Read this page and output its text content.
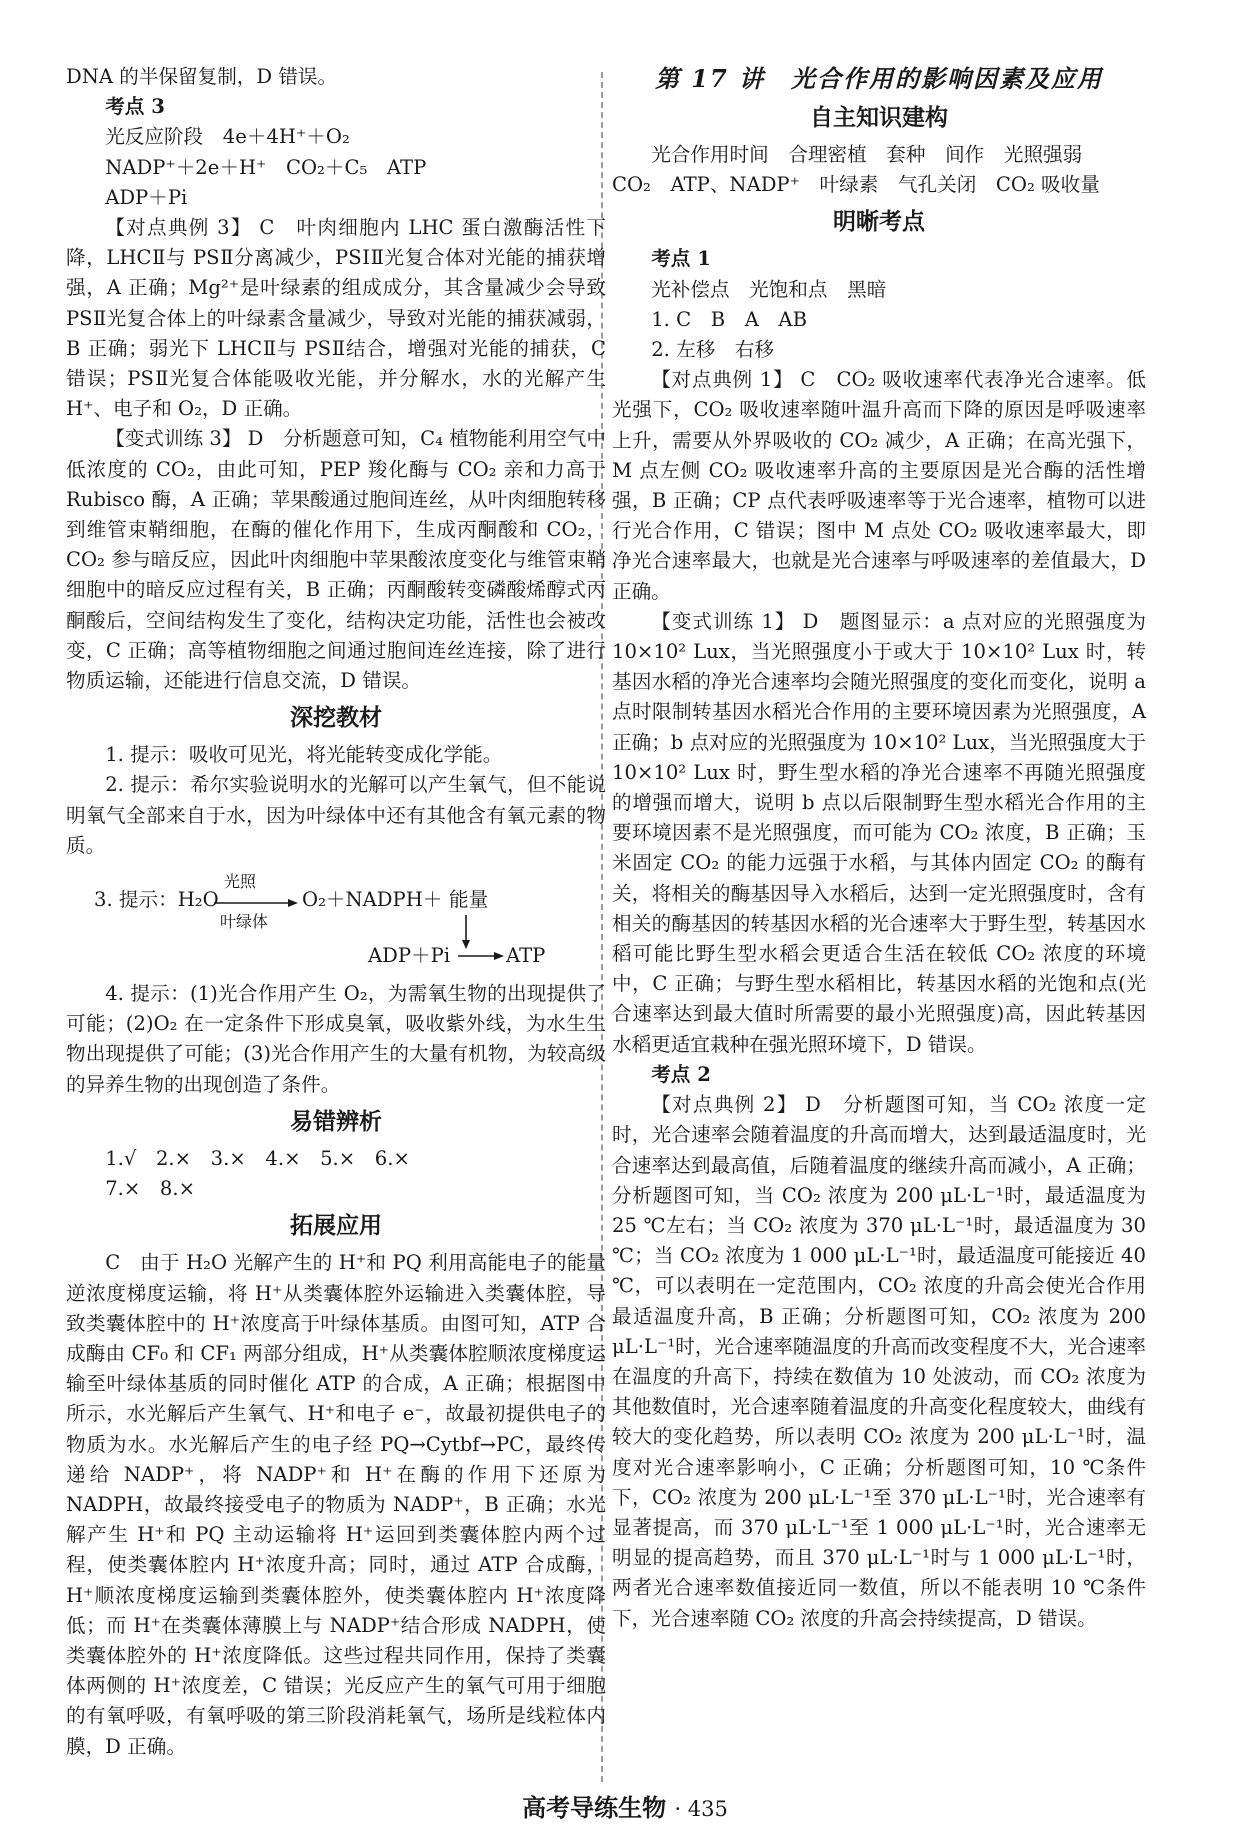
DNA 的半保留复制，D 错误。

考点 3

光反应阶段　4e＋4H⁺＋O₂

NADP⁺＋2e＋H⁺　CO₂＋C₅　ATP

ADP＋Pi

【对点典例 3】 C　叶肉细胞内 LHC 蛋白激酶活性下降，LHCⅡ与 PSⅡ分离减少，PSⅠⅡ光复合体对光能的捕获增强，A 正确；Mg²⁺是叶绿素的组成成分，其含量减少会导致 PSⅡ光复合体上的叶绿素含量减少，导致对光能的捕获减弱，B 正确；弱光下 LHCⅡ与 PSⅡ结合，增强对光能的捕获，C 错误；PSⅡ光复合体能吸收光能，并分解水，水的光解产生 H⁺、电子和 O₂，D 正确。

【变式训练 3】 D　分析题意可知，C₄ 植物能利用空气中低浓度的 CO₂，由此可知，PEP 羧化酶与 CO₂ 亲和力高于 Rubisco 酶，A 正确；苹果酸通过胞间连丝，从叶肉细胞转移到维管束鞘细胞，在酶的催化作用下，生成丙酮酸和 CO₂，CO₂ 参与暗反应，因此叶肉细胞中苹果酸浓度变化与维管束鞘细胞中的暗反应过程有关，B 正确；丙酮酸转变磷酸烯醇式丙酮酸后，空间结构发生了变化，结构决定功能，活性也会被改变，C 正确；高等植物细胞之间通过胞间连丝连接，除了进行物质运输，还能进行信息交流，D 错误。

深挖教材

1. 提示：吸收可见光，将光能转变成化学能。

2. 提示：希尔实验说明水的光解可以产生氧气，但不能说明氧气全部来自于水，因为叶绿体中还有其他含有氧元素的物质。

3. 提示：H₂O
光照
叶绿体
O₂＋NADPH＋ 能量
ADP＋Pi	ATP

4. 提示：(1)光合作用产生 O₂，为需氧生物的出现提供了可能；(2)O₂ 在一定条件下形成臭氧，吸收紫外线，为水生生物出现提供了可能；(3)光合作用产生的大量有机物，为较高级的异养生物的出现创造了条件。

易错辨析

1.√　2.×　3.×　4.×　5.×　6.×

7.×　8.×

拓展应用

C　由于 H₂O 光解产生的 H⁺和 PQ 利用高能电子的能量逆浓度梯度运输，将 H⁺从类囊体腔外运输进入类囊体腔，导致类囊体腔中的 H⁺浓度高于叶绿体基质。由图可知，ATP 合成酶由 CF₀ 和 CF₁ 两部分组成，H⁺从类囊体腔顺浓度梯度运输至叶绿体基质的同时催化 ATP 的合成，A 正确；根据图中所示，水光解后产生氧气、H⁺和电子 e⁻，故最初提供电子的物质为水。水光解后产生的电子经 PQ→Cytbf→PC，最终传递给 NADP⁺，将 NADP⁺和 H⁺在酶的作用下还原为 NADPH，故最终接受电子的物质为 NADP⁺，B 正确；水光解产生 H⁺和 PQ 主动运输将 H⁺运回到类囊体腔内两个过程，使类囊体腔内 H⁺浓度升高；同时，通过 ATP 合成酶，H⁺顺浓度梯度运输到类囊体腔外，使类囊体腔内 H⁺浓度降低；而 H⁺在类囊体薄膜上与 NADP⁺结合形成 NADPH，使类囊体腔外的 H⁺浓度降低。这些过程共同作用，保持了类囊体两侧的 H⁺浓度差，C 错误；光反应产生的氧气可用于细胞的有氧呼吸，有氧呼吸的第三阶段消耗氧气，场所是线粒体内膜，D 正确。

第 17 讲　光合作用的影响因素及应用

自主知识建构

光合作用时间　合理密植　套种　间作　光照强弱

CO₂　ATP、NADP⁺　叶绿素　气孔关闭　CO₂ 吸收量

明晰考点

考点 1

光补偿点　光饱和点　黑暗

1. C　B　A　AB

2. 左移　右移

【对点典例 1】 C　CO₂ 吸收速率代表净光合速率。低光强下，CO₂ 吸收速率随叶温升高而下降的原因是呼吸速率上升，需要从外界吸收的 CO₂ 减少，A 正确；在高光强下，M 点左侧 CO₂ 吸收速率升高的主要原因是光合酶的活性增强，B 正确；CP 点代表呼吸速率等于光合速率，植物可以进行光合作用，C 错误；图中 M 点处 CO₂ 吸收速率最大，即净光合速率最大，也就是光合速率与呼吸速率的差值最大，D 正确。

【变式训练 1】 D　题图显示：a 点对应的光照强度为 10×10² Lux，当光照强度小于或大于 10×10² Lux 时，转基因水稻的净光合速率均会随光照强度的变化而变化，说明 a 点时限制转基因水稻光合作用的主要环境因素为光照强度，A 正确；b 点对应的光照强度为 10×10² Lux，当光照强度大于 10×10² Lux 时，野生型水稻的净光合速率不再随光照强度的增强而增大，说明 b 点以后限制野生型水稻光合作用的主要环境因素不是光照强度，而可能为 CO₂ 浓度，B 正确；玉米固定 CO₂ 的能力远强于水稻，与其体内固定 CO₂ 的酶有关，将相关的酶基因导入水稻后，达到一定光照强度时，含有相关的酶基因的转基因水稻的光合速率大于野生型，转基因水稻可能比野生型水稻会更适合生活在较低 CO₂ 浓度的环境中，C 正确；与野生型水稻相比，转基因水稻的光饱和点(光合速率达到最大值时所需要的最小光照强度)高，因此转基因水稻更适宜栽种在强光照环境下，D 错误。

考点 2

【对点典例 2】 D　分析题图可知，当 CO₂ 浓度一定时，光合速率会随着温度的升高而增大，达到最适温度时，光合速率达到最高值，后随着温度的继续升高而减小，A 正确；分析题图可知，当 CO₂ 浓度为 200 μL·L⁻¹时，最适温度为 25 ℃左右；当 CO₂ 浓度为 370 μL·L⁻¹时，最适温度为 30 ℃；当 CO₂ 浓度为 1 000 μL·L⁻¹时，最适温度可能接近 40 ℃，可以表明在一定范围内，CO₂ 浓度的升高会使光合作用最适温度升高，B 正确；分析题图可知，CO₂ 浓度为 200 μL·L⁻¹时，光合速率随温度的升高而改变程度不大，光合速率在温度的升高下，持续在数值为 10 处波动，而 CO₂ 浓度为其他数值时，光合速率随着温度的升高变化程度较大，曲线有较大的变化趋势，所以表明 CO₂ 浓度为 200 μL·L⁻¹时，温度对光合速率影响小，C 正确；分析题图可知，10 ℃条件下，CO₂ 浓度为 200 μL·L⁻¹至 370 μL·L⁻¹时，光合速率有显著提高，而 370 μL·L⁻¹至 1 000 μL·L⁻¹时，光合速率无明显的提高趋势，而且 370 μL·L⁻¹时与 1 000 μL·L⁻¹时，两者光合速率数值接近同一数值，所以不能表明 10 ℃条件下，光合速率随 CO₂ 浓度的升高会持续提高，D 错误。

高考导练生物 · 435
